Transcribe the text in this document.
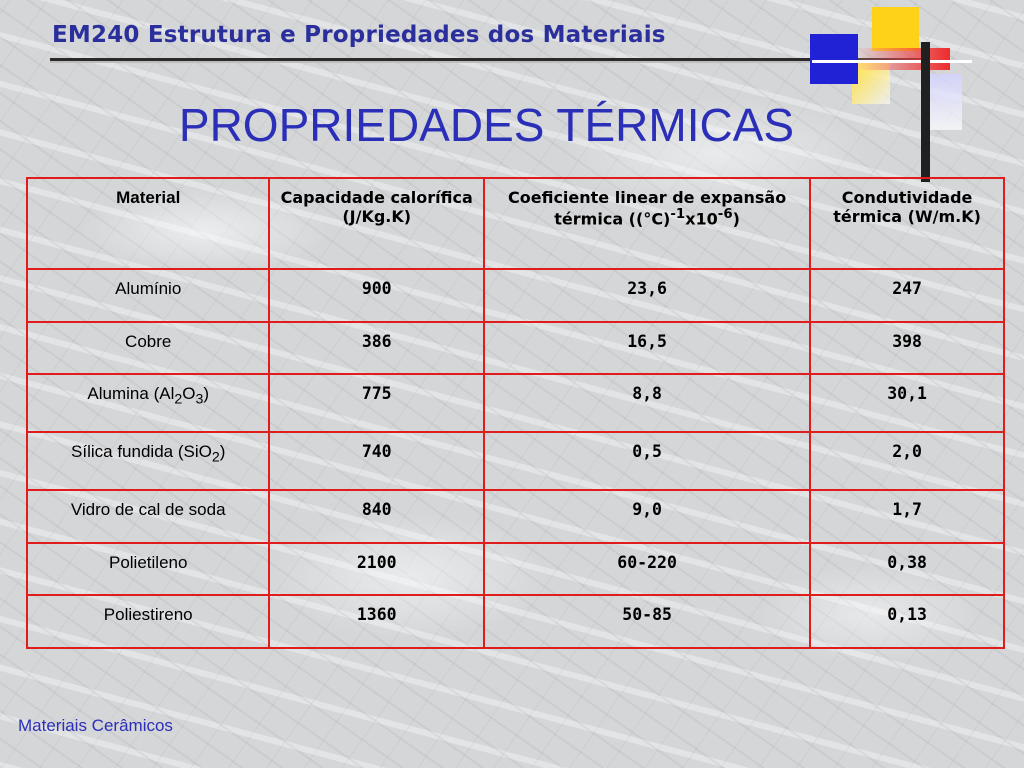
EM240 Estrutura e Propriedades dos Materiais
PROPRIEDADES TÉRMICAS
Material	Capacidade calorífica (J/Kg.K)	Coeficiente linear de expansão térmica $((^\circ C)^{-1}x10^{-6})$	Condutividade térmica (W/m.K)
Alumínio	900	23,6	247
Cobre	386	16,5	398
Alumina $(Al_2O_3)$	775	8,8	30,1
Sílica fundida (SiO$_2$)	740	0,5	2,0
Vidro de cal de soda	840	9,0	1,7
Polietileno	2100	60-220	0,38
Poliestireno	1360	50-85	0,13
Materiais Cerâmicos
